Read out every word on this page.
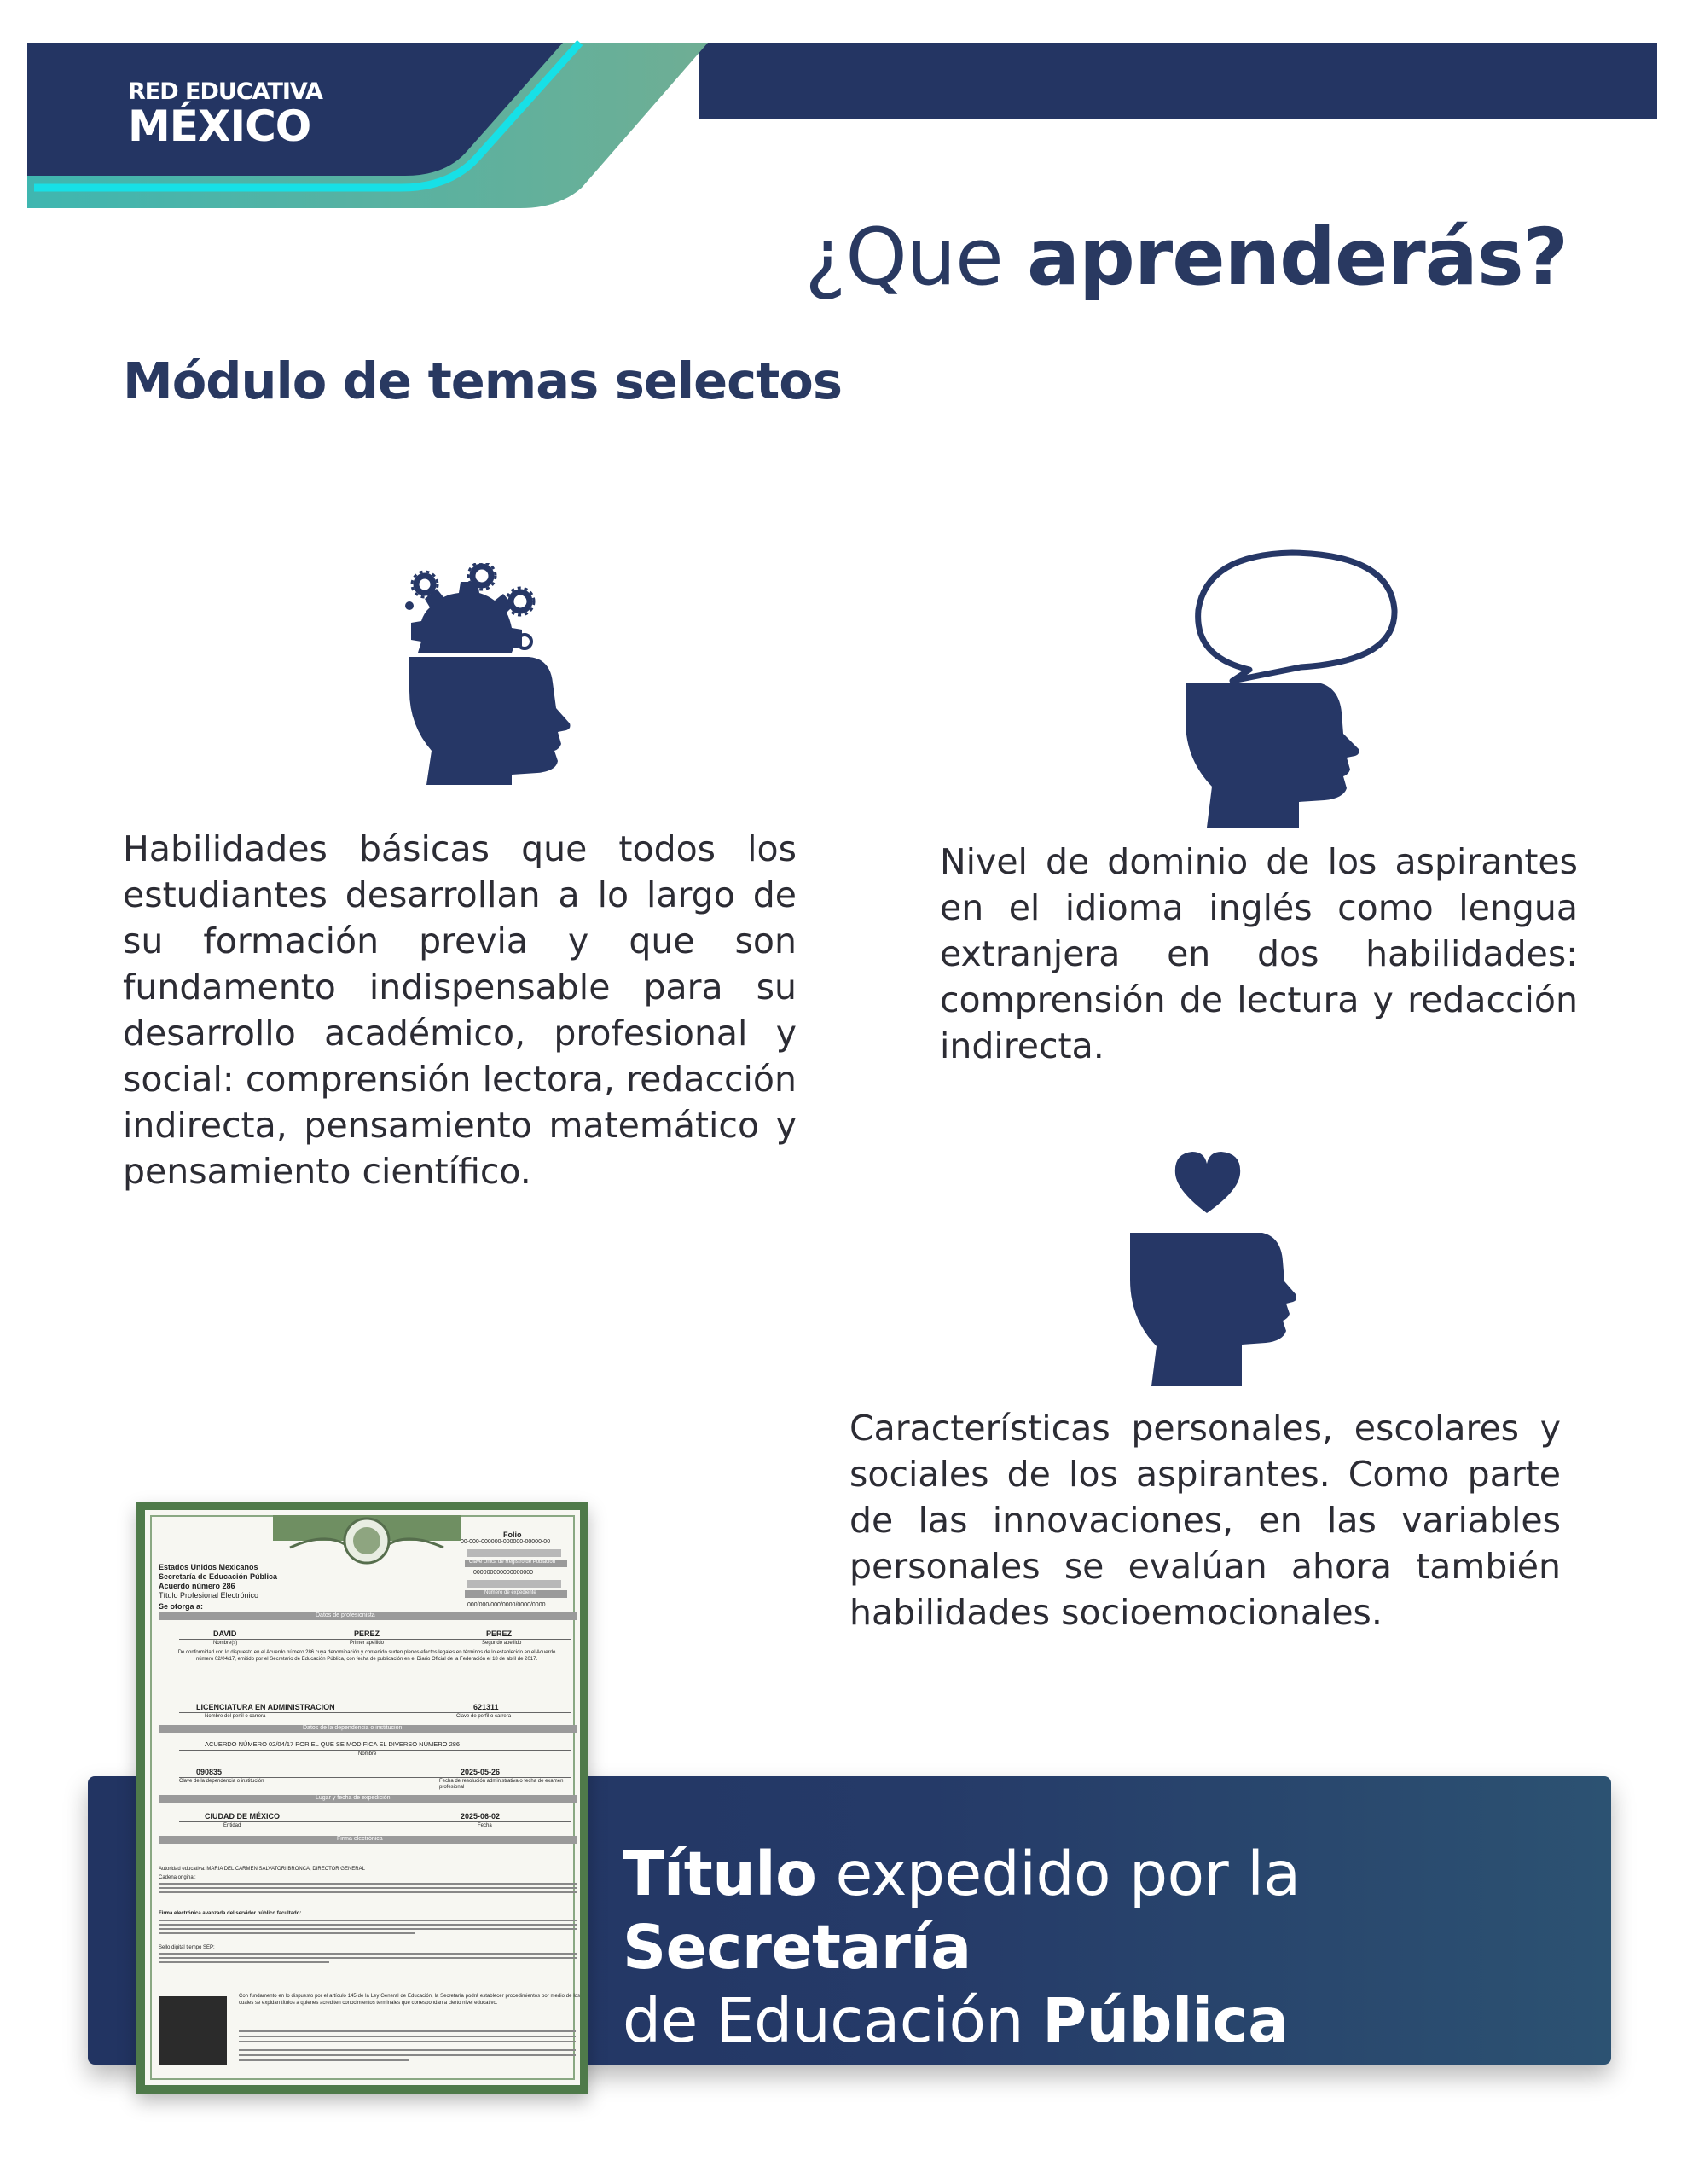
RED EDUCATIVA
MÉXICO
¿Que aprenderás?
Módulo de temas selectos
Habilidades básicas que todos los estudiantes desarrollan a lo largo de su formación previa y que son fundamento indispensable para su desarrollo académico, profesional y social: comprensión lectora, redacción indirecta, pensamiento matemático y pensamiento científico.
Nivel de dominio de los aspirantes en el idioma inglés como lengua extranjera en dos habilidades: comprensión de lectura y redacción indirecta.
Características personales, escolares y sociales de los aspirantes. Como parte de las innovaciones, en las variables personales se evalúan ahora también habilidades socioemocionales.
Título expedido por la Secretaría
de Educación Pública
Estados Unidos Mexicanos
Secretaría de Educación Pública
Acuerdo número 286
Título Profesional Electrónico
Folio
00-000-000000-000000-00000-00
Clave Única de Registro de Población
000000000000000000
Número de expediente
000/000/000/0000/0000/0000
Se otorga a:
Datos de profesionista
DAVID	PEREZ	PEREZ
Nombre(s)	Primer apellido	Segundo apellido
De conformidad con lo dispuesto en el Acuerdo número 286 cuya denominación y contenido surten plenos efectos legales en términos de lo establecido en el Acuerdo número 02/04/17, emitido por el Secretario de Educación Pública, con fecha de publicación en el Diario Oficial de la Federación el 18 de abril de 2017.
LICENCIATURA EN ADMINISTRACION	621311
Nombre del perfil o carrera	Clave de perfil o carrera
Datos de la dependencia o institución
ACUERDO NÚMERO 02/04/17 POR EL QUE SE MODIFICA EL DIVERSO NÚMERO 286
Nombre
090835	2025-05-26
Clave de la dependencia o institución	Fecha de resolución administrativa o fecha de examen profesional
Lugar y fecha de expedición
CIUDAD DE MÉXICO	2025-06-02
Entidad	Fecha
Firma electrónica
Autoridad educativa: MARIA DEL CARMEN SALVATORI BRONCA, DIRECTOR GENERAL
Cadena original:
Firma electrónica avanzada del servidor público facultado:
Sello digital tiempo SEP:
Con fundamento en lo dispuesto por el artículo 145 de la Ley General de Educación, la Secretaría podrá establecer procedimientos por medio de los cuales se expidan títulos a quienes acrediten conocimientos terminales que correspondan a cierto nivel educativo.
